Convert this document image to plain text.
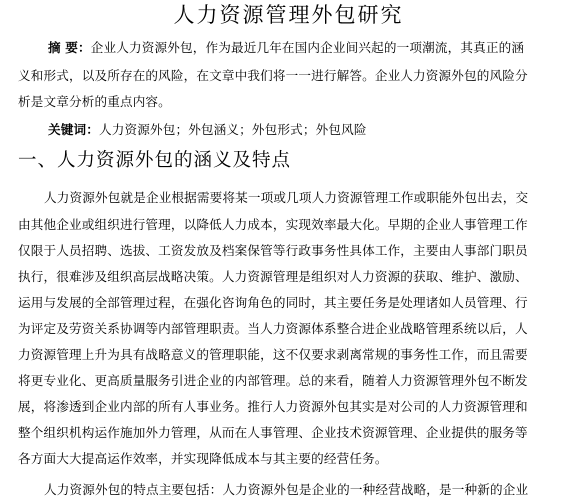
人力资源管理外包研究
摘 要：企业人力资源外包，作为最近几年在国内企业间兴起的一项潮流，其真正的涵
义和形式，以及所存在的风险，在文章中我们将一一进行解答。企业人力资源外包的风险分
析是文章分析的重点内容。
关键词：人力资源外包；外包涵义；外包形式；外包风险
一、人力资源外包的涵义及特点
人力资源外包就是企业根据需要将某一项或几项人力资源管理工作或职能外包出去，交
由其他企业或组织进行管理，以降低人力成本，实现效率最大化。早期的企业人事管理工作
仅限于人员招聘、选拔、工资发放及档案保管等行政事务性具体工作，主要由人事部门职员
执行，很难涉及组织高层战略决策。人力资源管理是组织对人力资源的获取、维护、激励、
运用与发展的全部管理过程，在强化咨询角色的同时，其主要任务是处理诸如人员管理、行
为评定及劳资关系协调等内部管理职责。当人力资源体系整合进企业战略管理系统以后，人
力资源管理上升为具有战略意义的管理职能，这不仅要求剥离常规的事务性工作，而且需要
将更专业化、更高质量服务引进企业的内部管理。总的来看，随着人力资源管理外包不断发
展，将渗透到企业内部的所有人事业务。推行人力资源外包其实是对公司的人力资源管理和
整个组织机构运作施加外力管理，从而在人事管理、企业技术资源管理、企业提供的服务等
各方面大大提高运作效率，并实现降低成本与其主要的经营任务。
人力资源外包的特点主要包括：人力资源外包是企业的一种经营战略，是一种新的企业
